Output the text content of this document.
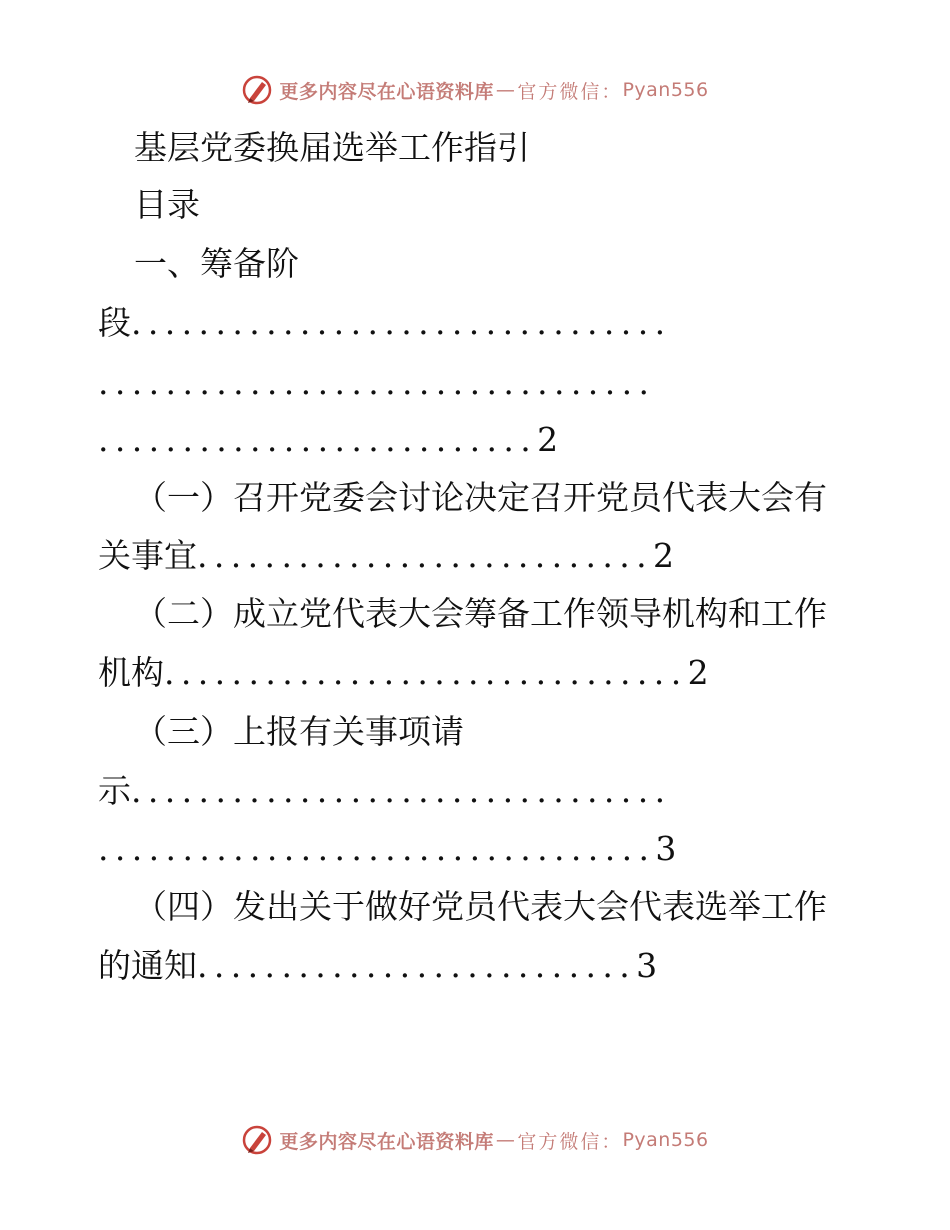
更多内容尽在心语资料库 — 官方微信： Pyan556
基层党委换届选举工作指引
目录
一、筹备阶
段................................
.................................
..........................2
（一）召开党委会讨论决定召开党员代表大会有
关事宜...........................2
（二）成立党代表大会筹备工作领导机构和工作
机构...............................2
（三）上报有关事项请
示................................
.................................3
（四）发出关于做好党员代表大会代表选举工作
的通知..........................3
更多内容尽在心语资料库 — 官方微信： Pyan556
